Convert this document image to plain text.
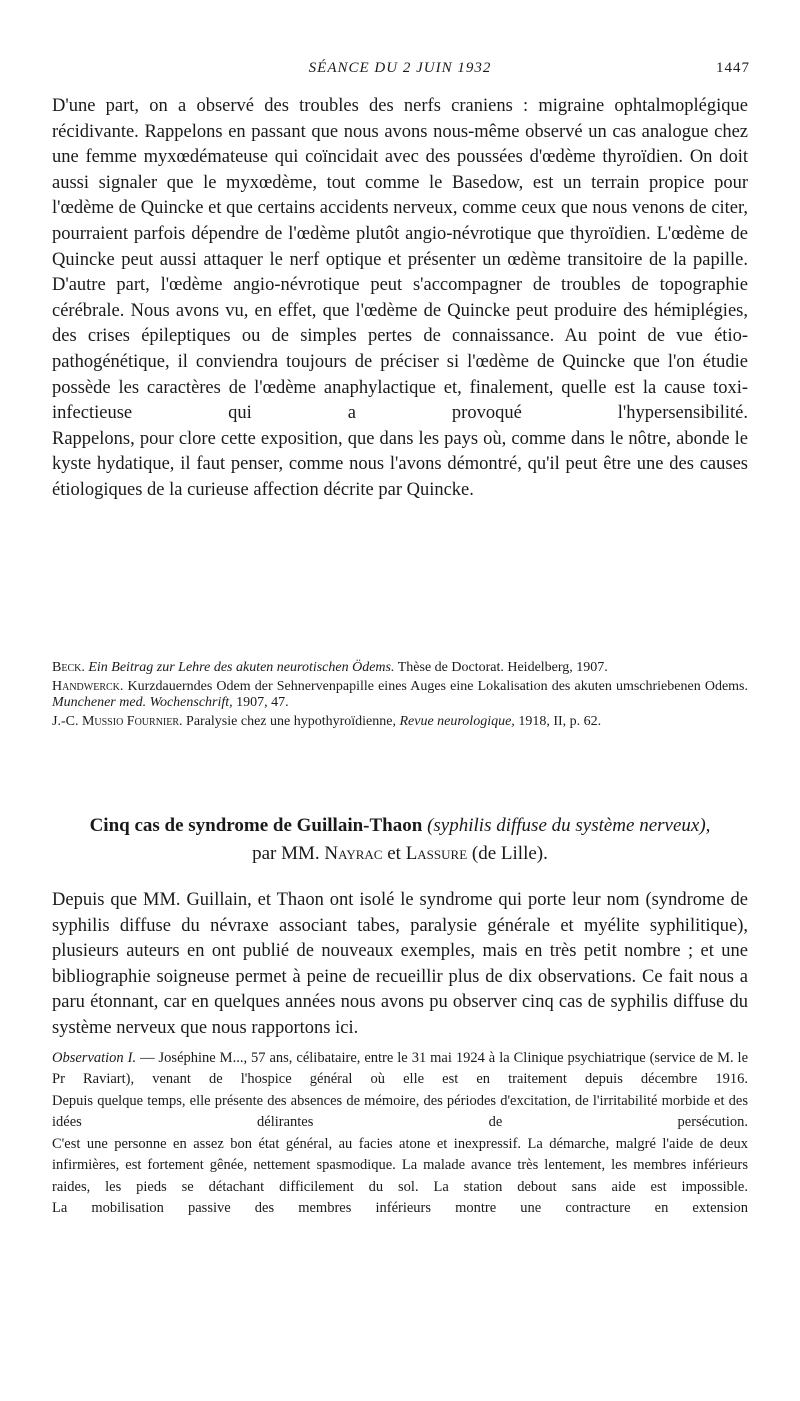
SÉANCE DU 2 JUIN 1932	1447

D'une part, on a observé des troubles des nerfs craniens : migraine ophtalmoplégique récidivante. Rappelons en passant que nous avons nous-même observé un cas analogue chez une femme myxœdémateuse qui coïncidait avec des poussées d'œdème thyroïdien. On doit aussi signaler que le myxœdème, tout comme le Basedow, est un terrain propice pour l'œdème de Quincke et que certains accidents nerveux, comme ceux que nous venons de citer, pourraient parfois dépendre de l'œdème plutôt angio-névrotique que thyroïdien. L'œdème de Quincke peut aussi attaquer le nerf optique et présenter un œdème transitoire de la papille.

D'autre part, l'œdème angio-névrotique peut s'accompagner de troubles de topographie cérébrale. Nous avons vu, en effet, que l'œdème de Quincke peut produire des hémiplégies, des crises épileptiques ou de simples pertes de connaissance. Au point de vue étio-pathogénétique, il conviendra toujours de préciser si l'œdème de Quincke que l'on étudie possède les caractères de l'œdème anaphylactique et, finalement, quelle est la cause toxi-infectieuse qui a provoqué l'hypersensibilité.

Rappelons, pour clore cette exposition, que dans les pays où, comme dans le nôtre, abonde le kyste hydatique, il faut penser, comme nous l'avons démontré, qu'il peut être une des causes étiologiques de la curieuse affection décrite par Quincke.

Beck. Ein Beitrag zur Lehre des akuten neurotischen Ödems. Thèse de Doctorat. Heidelberg, 1907.

Handwerck. Kurzdauerndes Odem der Sehnervenpapille eines Auges eine Lokalisation des akuten umschriebenen Odems. Munchener med. Wochenschrift, 1907, 47.

J.-C. Mussio Fournier. Paralysie chez une hypothyroïdienne, Revue neurologique, 1918, II, p. 62.

Cinq cas de syndrome de Guillain-Thaon (syphilis diffuse du système nerveux),
par MM. Nayrac et Lassure (de Lille).

Depuis que MM. Guillain, et Thaon ont isolé le syndrome qui porte leur nom (syndrome de syphilis diffuse du névraxe associant tabes, paralysie générale et myélite syphilitique), plusieurs auteurs en ont publié de nouveaux exemples, mais en très petit nombre ; et une bibliographie soigneuse permet à peine de recueillir plus de dix observations. Ce fait nous a paru étonnant, car en quelques années nous avons pu observer cinq cas de syphilis diffuse du système nerveux que nous rapportons ici.

Observation I. — Joséphine M..., 57 ans, célibataire, entre le 31 mai 1924 à la Clinique psychiatrique (service de M. le Pr Raviart), venant de l'hospice général où elle est en traitement depuis décembre 1916.

Depuis quelque temps, elle présente des absences de mémoire, des périodes d'excitation, de l'irritabilité morbide et des idées délirantes de persécution.

C'est une personne en assez bon état général, au facies atone et inexpressif. La démarche, malgré l'aide de deux infirmières, est fortement gênée, nettement spasmodique. La malade avance très lentement, les membres inférieurs raides, les pieds se détachant difficilement du sol. La station debout sans aide est impossible.

La mobilisation passive des membres inférieurs montre une contracture en extension
